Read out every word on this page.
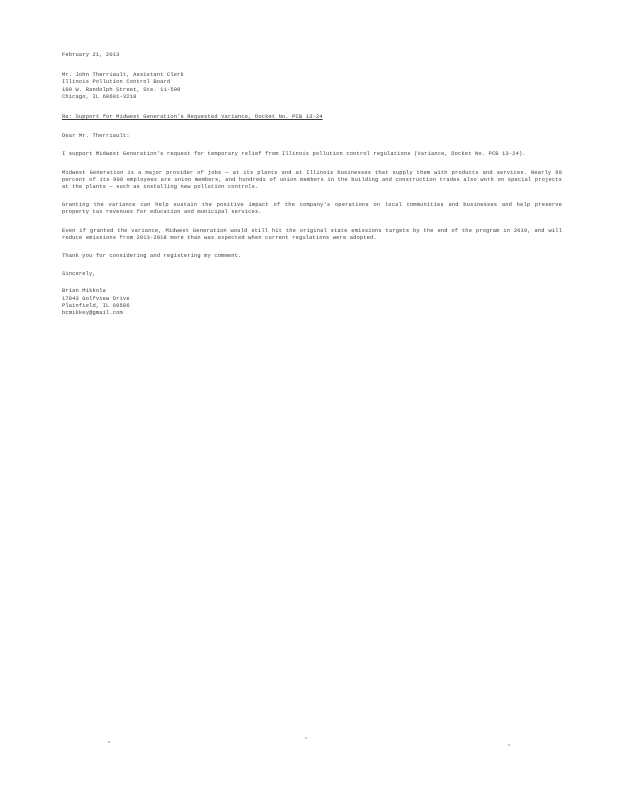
February 21, 2013
Mr. John Therriault, Assistant Clerk
Illinois Pollution Control Board
100 W. Randolph Street, Ste. 11-500
Chicago, IL 60601-3218
Re: Support for Midwest Generation's Requested Variance, Docket No. PCB 13-24
Dear Mr. Therriault:
I support Midwest Generation's request for temporary relief from Illinois pollution control regulations (Variance, Docket No. PCB 13-24).
Midwest Generation is a major provider of jobs — at its plants and at Illinois businesses that supply them with products and services. Nearly 60 percent of its 900 employees are union members, and hundreds of union members in the building and construction trades also work on special projects at the plants — such as installing new pollution controls.
Granting the variance can help sustain the positive impact of the company's operations on local communities and businesses and help preserve property tax revenues for education and municipal services.
Even if granted the variance, Midwest Generation would still hit the original state emissions targets by the end of the program in 2019, and will reduce emissions from 2013-2018 more than was expected when current regulations were adopted.
Thank you for considering and registering my comment.
Sincerely,
Brian Mikkola
17843 Golfview Drive
Plainfield, IL 60586
bcmikkey@gmail.com
